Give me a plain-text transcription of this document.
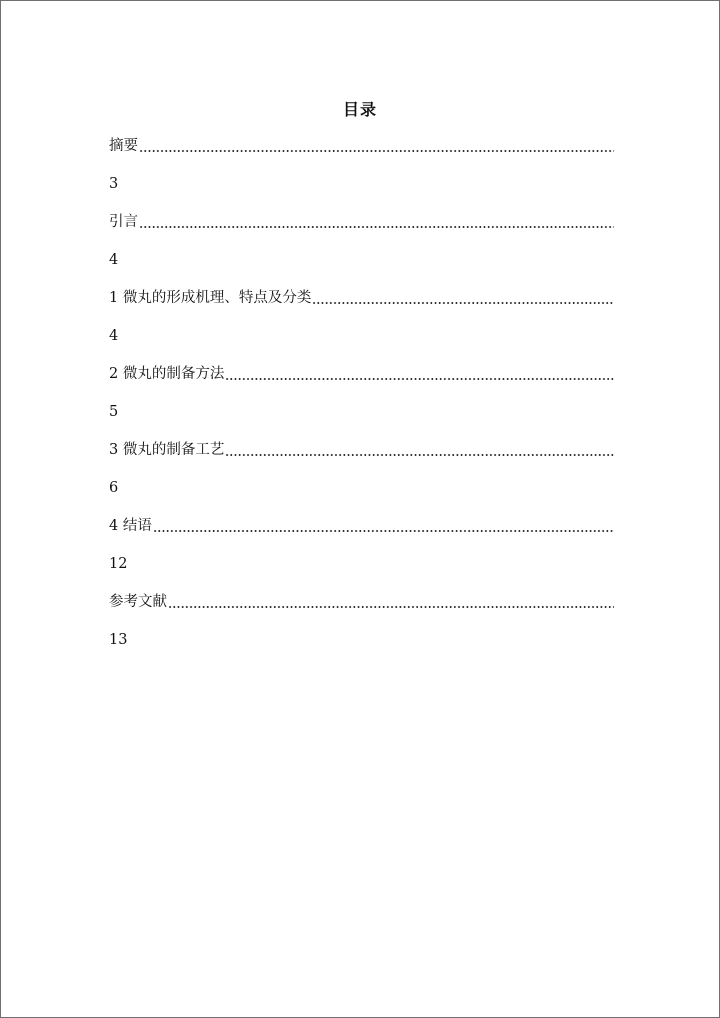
目录
摘要
3
引言
4
1 微丸的形成机理、特点及分类
4
2 微丸的制备方法
5
3 微丸的制备工艺
6
4 结语
12
参考文献
13
